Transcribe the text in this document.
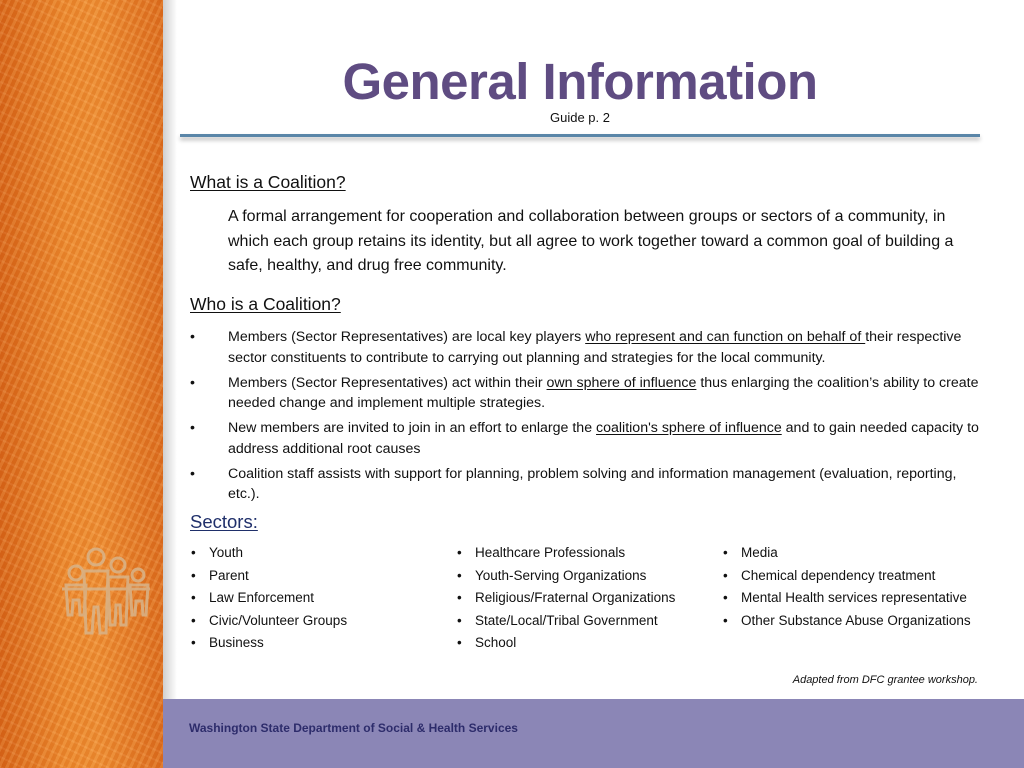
General Information
Guide p. 2
What is a Coalition?
A formal arrangement for cooperation and collaboration between groups or sectors of a community, in which each group retains its identity, but all agree to work together toward a common goal of building a safe, healthy, and drug free community.
Who is a Coalition?
• Members (Sector Representatives) are local key players who represent and can function on behalf of their respective sector constituents to contribute to carrying out planning and strategies for the local community.
• Members (Sector Representatives) act within their own sphere of influence thus enlarging the coalition’s ability to create needed change and implement multiple strategies.
• New members are invited to join in an effort to enlarge the coalition's sphere of influence and to gain needed capacity to address additional root causes
• Coalition staff assists with support for planning, problem solving and information management (evaluation, reporting, etc.).
Sectors:
• Youth
• Parent
• Law Enforcement
• Civic/Volunteer Groups
• Business
• Healthcare Professionals
• Youth-Serving Organizations
• Religious/Fraternal Organizations
• State/Local/Tribal Government
• School
• Media
• Chemical dependency treatment
• Mental Health services representative
• Other Substance Abuse Organizations
Adapted from DFC grantee workshop.
Washington State Department of Social & Health Services
